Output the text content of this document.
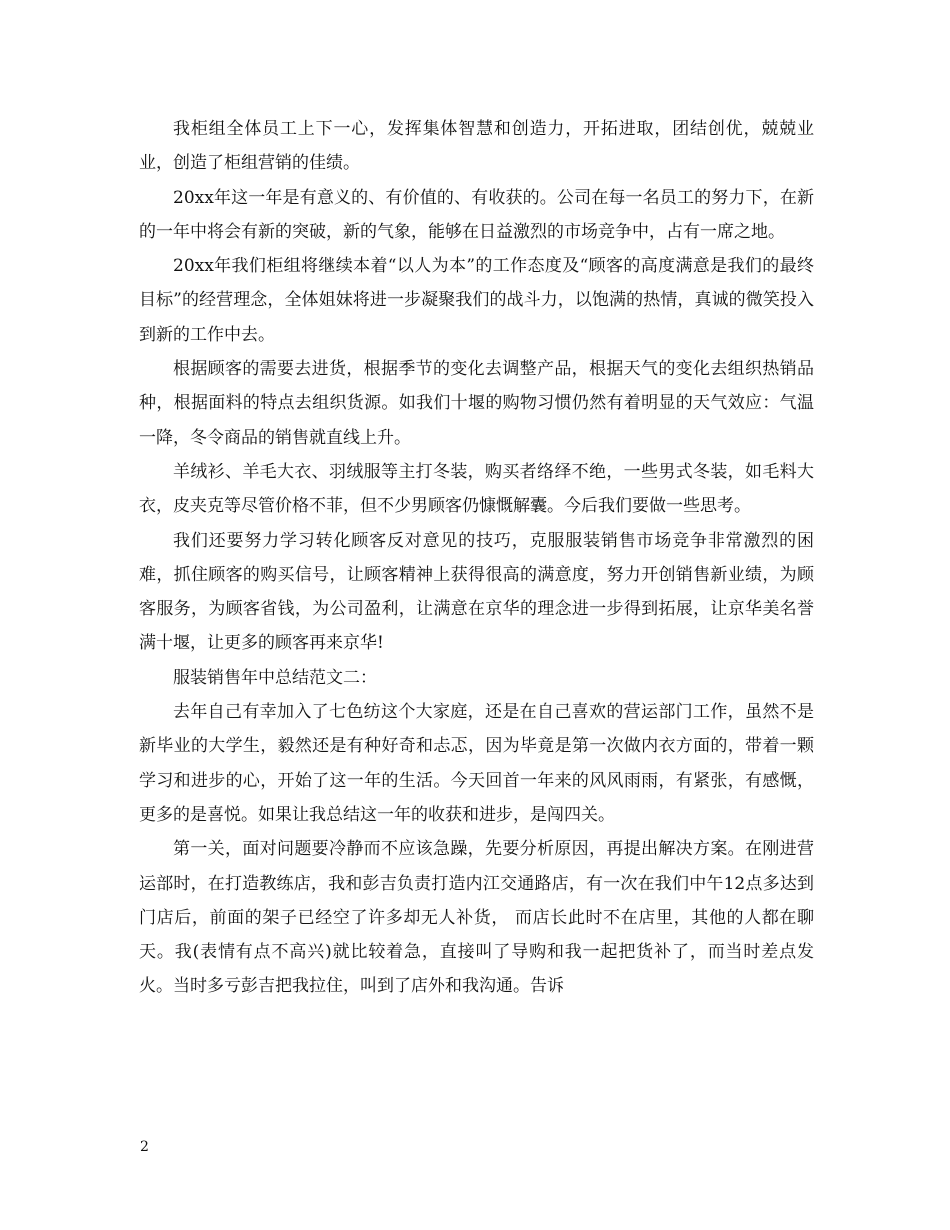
我柜组全体员工上下一心，发挥集体智慧和创造力，开拓进取，团结创优，兢兢业业，创造了柜组营销的佳绩。

20xx年这一年是有意义的、有价值的、有收获的。公司在每一名员工的努力下，在新的一年中将会有新的突破，新的气象，能够在日益激烈的市场竞争中，占有一席之地。

20xx年我们柜组将继续本着“以人为本”的工作态度及“顾客的高度满意是我们的最终目标”的经营理念，全体姐妹将进一步凝聚我们的战斗力，以饱满的热情，真诚的微笑投入到新的工作中去。

根据顾客的需要去进货，根据季节的变化去调整产品，根据天气的变化去组织热销品种，根据面料的特点去组织货源。如我们十堰的购物习惯仍然有着明显的天气效应：气温一降，冬令商品的销售就直线上升。

羊绒衫、羊毛大衣、羽绒服等主打冬装，购买者络绎不绝，一些男式冬装，如毛料大衣，皮夹克等尽管价格不菲，但不少男顾客仍慷慨解囊。今后我们要做一些思考。

我们还要努力学习转化顾客反对意见的技巧，克服服装销售市场竞争非常激烈的困难，抓住顾客的购买信号，让顾客精神上获得很高的满意度，努力开创销售新业绩，为顾客服务，为顾客省钱，为公司盈利，让满意在京华的理念进一步得到拓展，让京华美名誉满十堰，让更多的顾客再来京华!

服装销售年中总结范文二：

去年自己有幸加入了七色纺这个大家庭，还是在自己喜欢的营运部门工作，虽然不是新毕业的大学生，毅然还是有种好奇和忐忑，因为毕竟是第一次做内衣方面的，带着一颗学习和进步的心，开始了这一年的生活。今天回首一年来的风风雨雨，有紧张，有感慨，更多的是喜悦。如果让我总结这一年的收获和进步，是闯四关。

第一关，面对问题要冷静而不应该急躁，先要分析原因，再提出解决方案。在刚进营运部时，在打造教练店，我和彭吉负责打造内江交通路店，有一次在我们中午12点多达到门店后，前面的架子已经空了许多却无人补货， 而店长此时不在店里，其他的人都在聊天。我(表情有点不高兴)就比较着急，直接叫了导购和我一起把货补了，而当时差点发火。当时多亏彭吉把我拉住，叫到了店外和我沟通。告诉

2
